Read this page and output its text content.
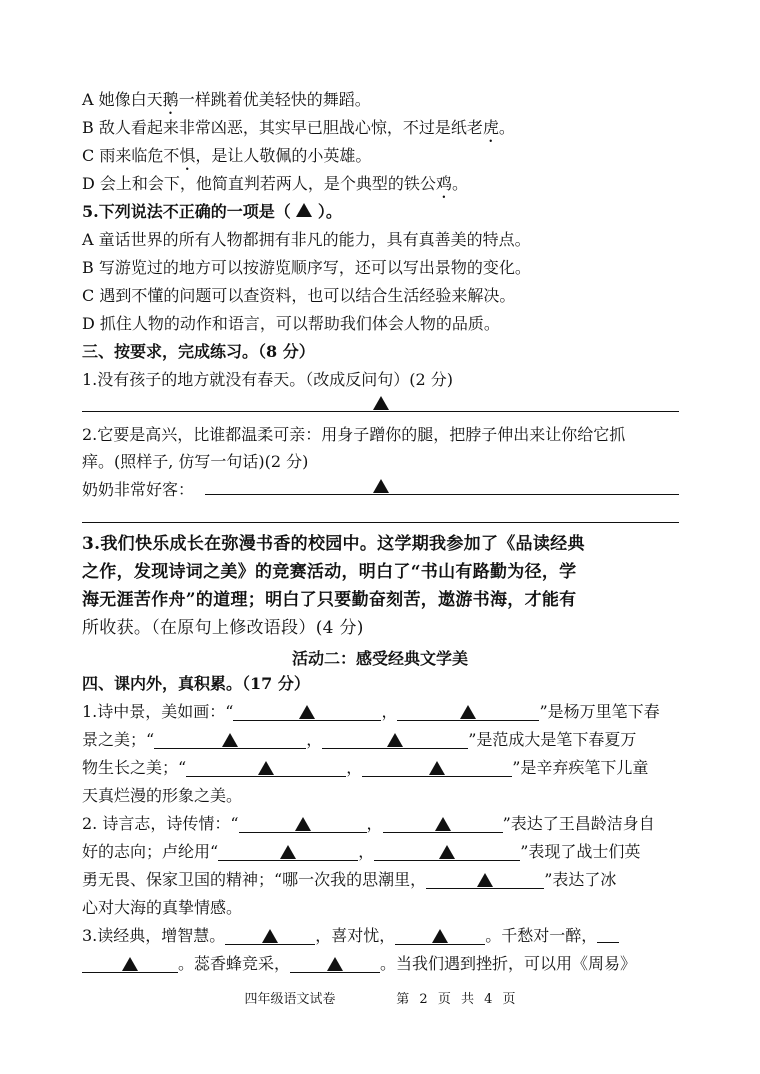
A 她像白天鹅一样跳着优美轻快的舞蹈。
B 敌人看起来非常凶恶，其实早已胆战心惊，不过是纸老虎。
C 雨来临危不惧，是让人敬佩的小英雄。
D 会上和会下，他简直判若两人，是个典型的铁公鸡。
5.下列说法不正确的一项是（ ）。
A 童话世界的所有人物都拥有非凡的能力，具有真善美的特点。
B 写游览过的地方可以按游览顺序写，还可以写出景物的变化。
C 遇到不懂的问题可以查资料，也可以结合生活经验来解决。
D 抓住人物的动作和语言，可以帮助我们体会人物的品质。
三、按要求，完成练习。（8 分）
1.没有孩子的地方就没有春天。（改成反问句）(2 分)
2.它要是高兴，比谁都温柔可亲：用身子蹭你的腿，把脖子伸出来让你给它抓
痒。(照样子, 仿写一句话)(2 分)
奶奶非常好客：
3.我们快乐成长在弥漫书香的校园中。这学期我参加了《品读经典
之作，发现诗词之美》的竞赛活动，明白了“书山有路勤为径，学
海无涯苦作舟”的道理；明白了只要勤奋刻苦，遨游书海，才能有
所收获。（在原句上修改语段）(4 分)
活动二：感受经典文学美
四、课内外，真积累。（17 分）
1.诗中景，美如画：“	，	”是杨万里笔下春
景之美；“	，	”是范成大是笔下春夏万
物生长之美；“	，	”是辛弃疾笔下儿童
天真烂漫的形象之美。
2. 诗言志，诗传情：“	，	”表达了王昌龄洁身自
好的志向；卢纶用“	，	”表现了战士们英
勇无畏、保家卫国的精神；“哪一次我的思潮里，	”表达了冰
心对大海的真挚情感。
3.读经典，增智慧。	，喜对忧，	。千愁对一醉，
。蕊香蜂竞采，	。当我们遇到挫折，可以用《周易》
四年级语文试卷	第 2 页 共 4 页
